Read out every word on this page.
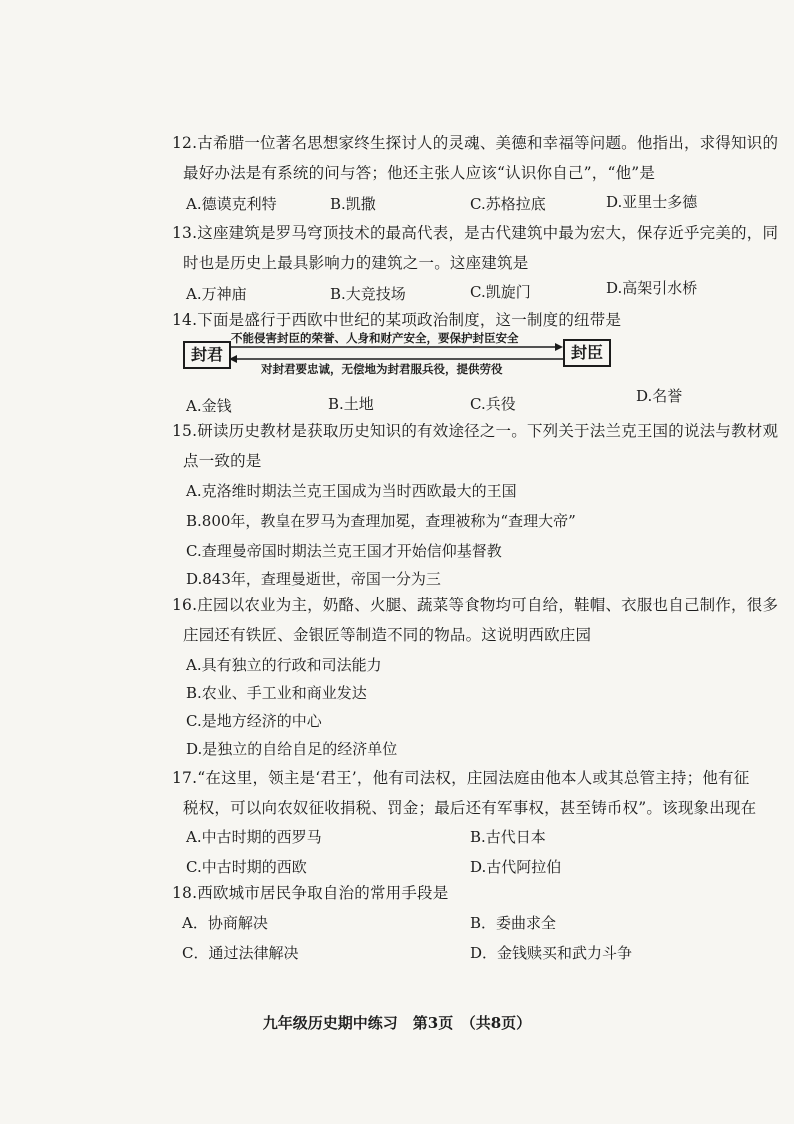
12.古希腊一位著名思想家终生探讨人的灵魂、美德和幸福等问题。他指出，求得知识的
最好办法是有系统的问与答；他还主张人应该“认识你自己”，“他”是
A.德谟克利特	B.凯撒	C.苏格拉底	D.亚里士多德
13.这座建筑是罗马穹顶技术的最高代表，是古代建筑中最为宏大，保存近乎完美的，同
时也是历史上最具影响力的建筑之一。这座建筑是
A.万神庙	B.大竞技场	C.凯旋门	D.高架引水桥
14.下面是盛行于西欧中世纪的某项政治制度，这一制度的纽带是
封君	封臣
不能侵害封臣的荣誉、人身和财产安全，要保护封臣安全
对封君要忠诚，无偿地为封君服兵役，提供劳役
A.金钱	B.土地	C.兵役	D.名誉
15.研读历史教材是获取历史知识的有效途径之一。下列关于法兰克王国的说法与教材观
点一致的是
A.克洛维时期法兰克王国成为当时西欧最大的王国
B.800年，教皇在罗马为查理加冕，查理被称为“查理大帝”
C.查理曼帝国时期法兰克王国才开始信仰基督教
D.843年，查理曼逝世，帝国一分为三
16.庄园以农业为主，奶酪、火腿、蔬菜等食物均可自给，鞋帽、衣服也自己制作，很多
庄园还有铁匠、金银匠等制造不同的物品。这说明西欧庄园
A.具有独立的行政和司法能力
B.农业、手工业和商业发达
C.是地方经济的中心
D.是独立的自给自足的经济单位
17.“在这里，领主是‘君王’，他有司法权，庄园法庭由他本人或其总管主持；他有征
税权，可以向农奴征收捐税、罚金；最后还有军事权，甚至铸币权”。该现象出现在
A.中古时期的西罗马	B.古代日本
C.中古时期的西欧	D.古代阿拉伯
18.西欧城市居民争取自治的常用手段是
A．协商解决	B．委曲求全
C．通过法律解决	D．金钱赎买和武力斗争
九年级历史期中练习　第3页　（共8页）
